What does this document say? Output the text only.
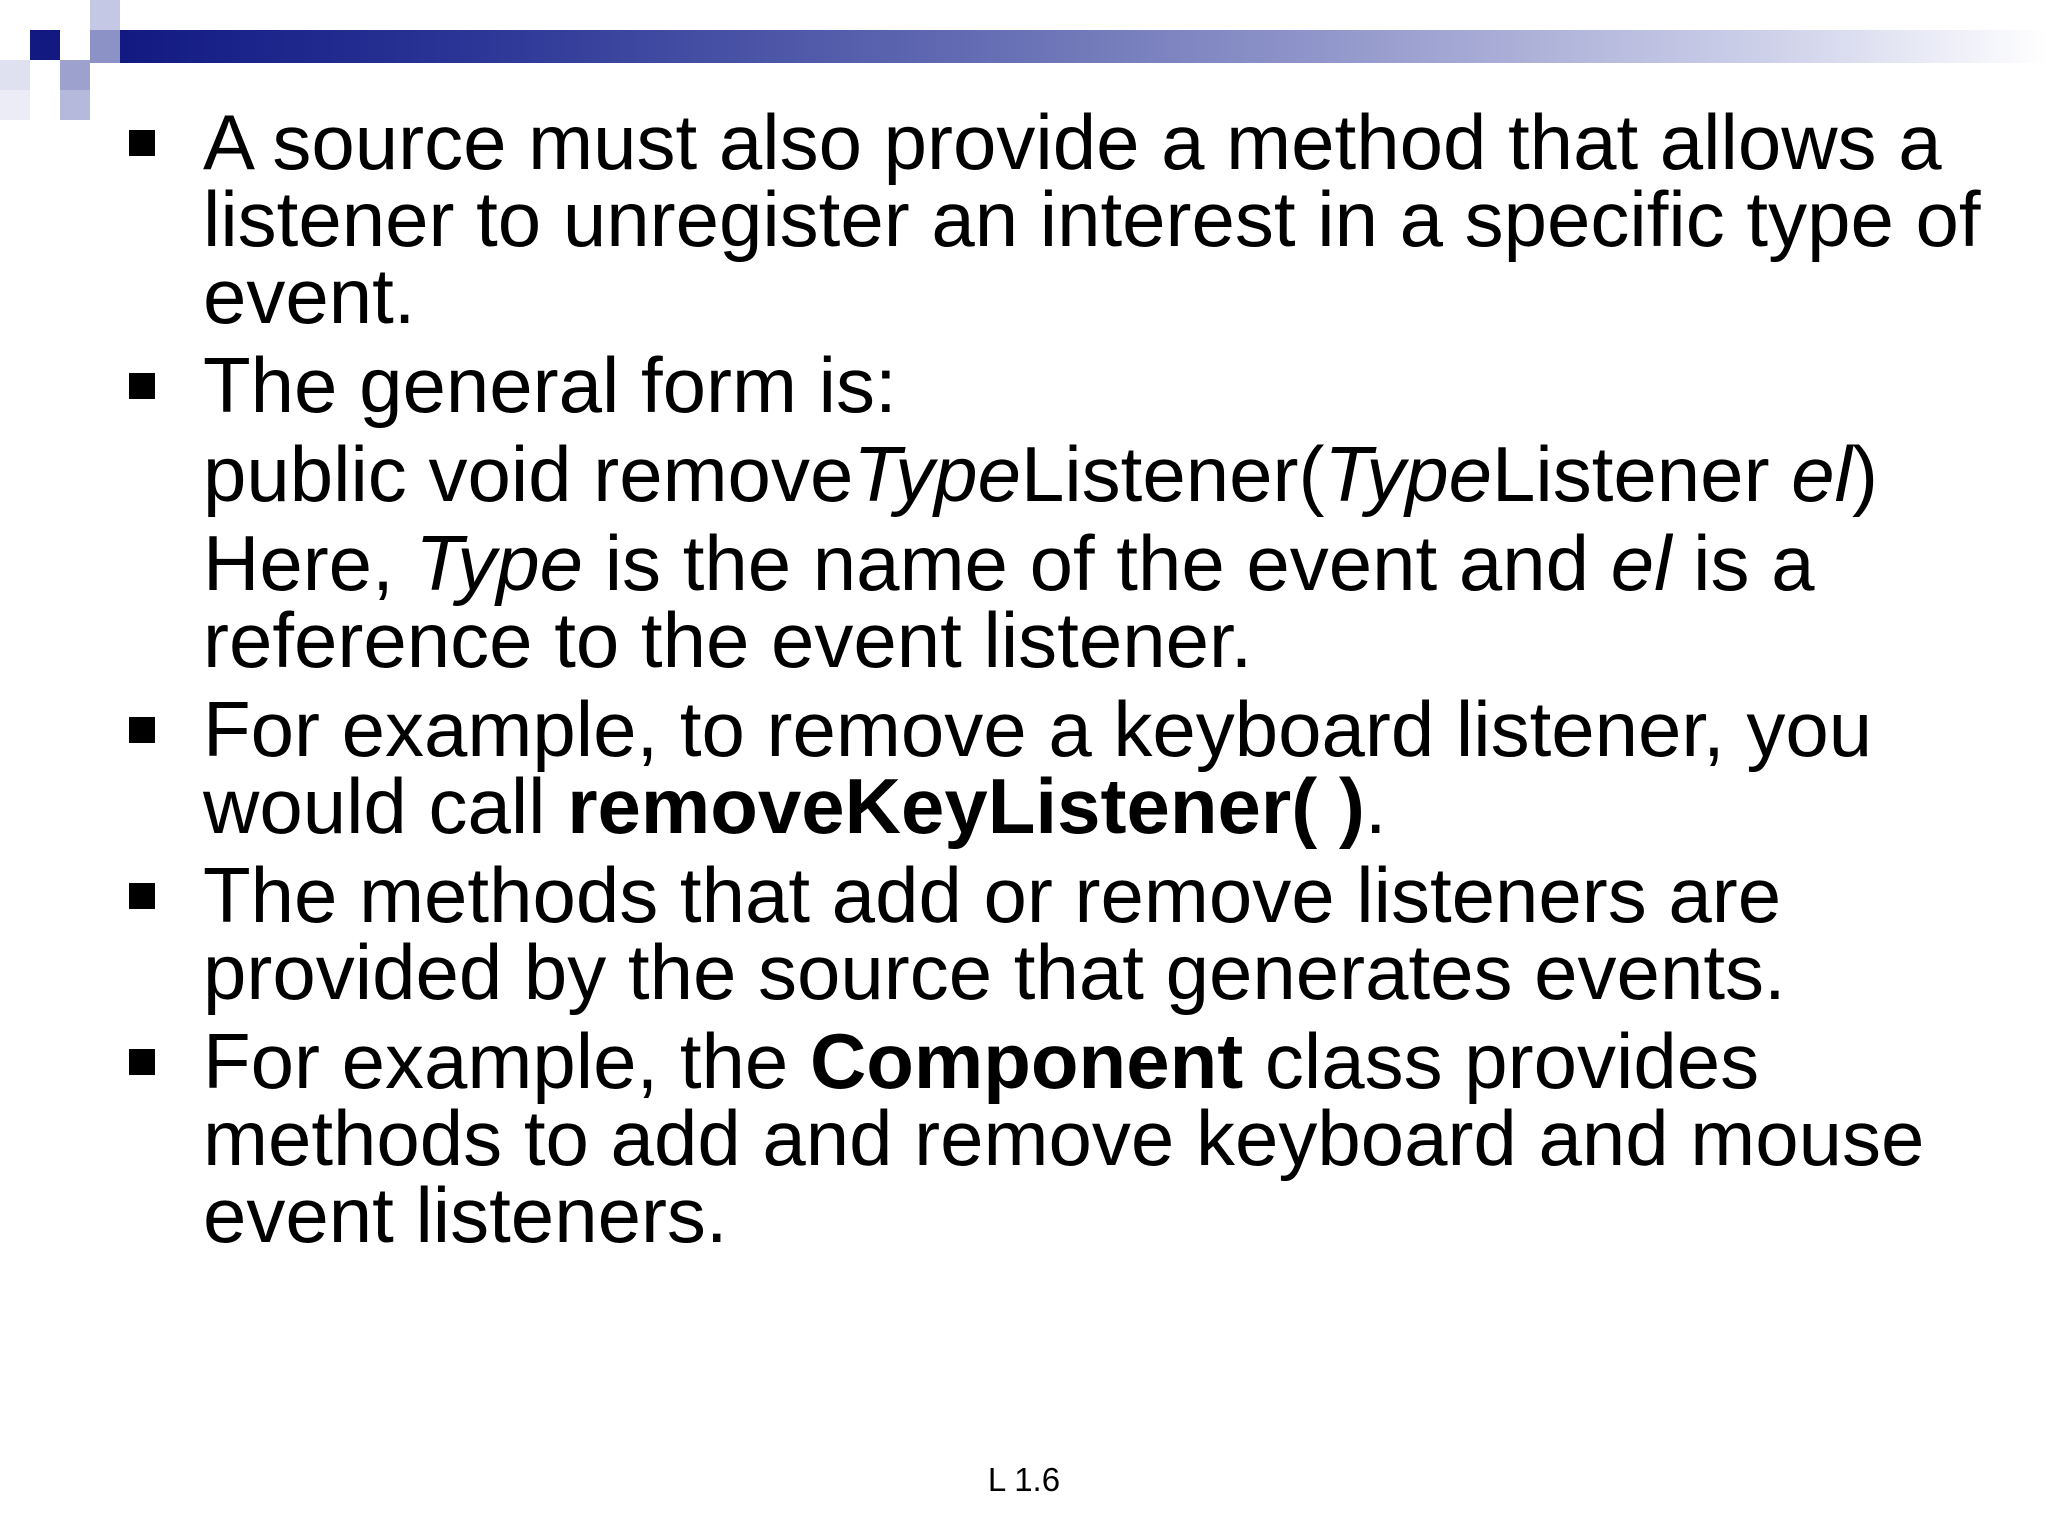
A source must also provide a method that allows a listener to unregister an interest in a specific type of event.
The general form is:
public void removeTypeListener(TypeListener el)
Here, Type is the name of the event and el is a reference to the event listener.
For example, to remove a keyboard listener, you would call removeKeyListener( ).
The methods that add or remove listeners are provided by the source that generates events.
For example, the Component class provides methods to add and remove keyboard and mouse event listeners.
L 1.6
